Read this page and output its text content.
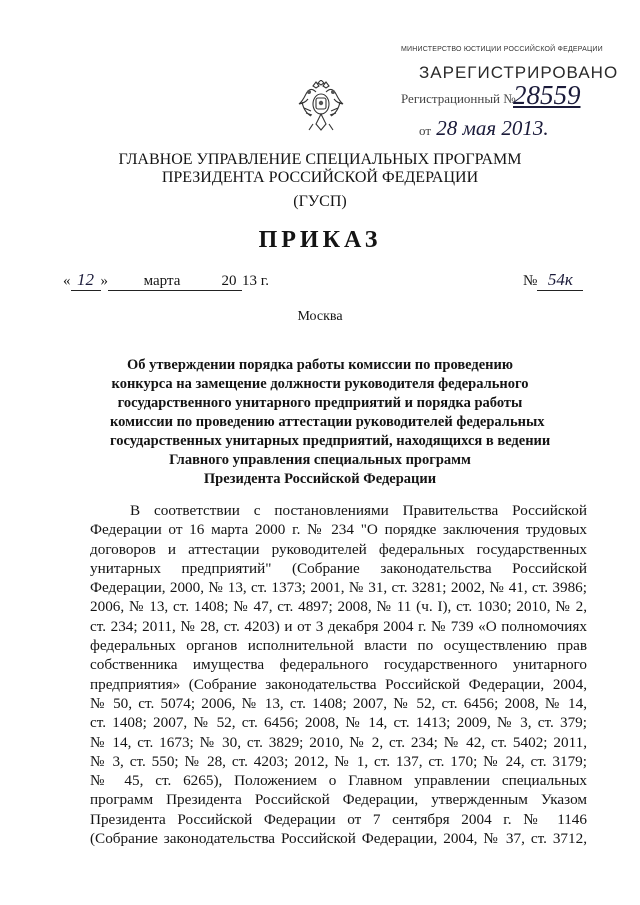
МИНИСТЕРСТВО ЮСТИЦИИ РОССИЙСКОЙ ФЕДЕРАЦИИ
ЗАРЕГИСТРИРОВАНО
Регистрационный №
28559
от 28 мая 2013.
ГЛАВНОЕ УПРАВЛЕНИЕ СПЕЦИАЛЬНЫХ ПРОГРАММ
ПРЕЗИДЕНТА РОССИЙСКОЙ ФЕДЕРАЦИИ
(ГУСП)
ПРИКАЗ
« 12 » марта	20 13 г.	№ 54к
Москва
Об утверждении порядка работы комиссии по проведению
конкурса на замещение должности руководителя федерального
государственного унитарного предприятий и порядка работы
комиссии по проведению аттестации руководителей федеральных
государственных унитарных предприятий, находящихся в ведении
Главного управления специальных программ
Президента Российской Федерации
В соответствии с постановлениями Правительства Российской
Федерации от 16 марта 2000 г. № 234 "О порядке заключения трудовых
договоров и аттестации руководителей федеральных государственных
унитарных предприятий" (Собрание законодательства Российской
Федерации, 2000, № 13, ст. 1373; 2001, № 31, ст. 3281; 2002, № 41, ст. 3986;
2006, № 13, ст. 1408; № 47, ст. 4897; 2008, № 11 (ч. I), ст. 1030; 2010, № 2,
ст. 234; 2011, № 28, ст. 4203) и от 3 декабря 2004 г. № 739 «О полномочиях
федеральных органов исполнительной власти по осуществлению прав
собственника имущества федерального государственного унитарного
предприятия» (Собрание законодательства Российской Федерации, 2004,
№ 50, ст. 5074; 2006, № 13, ст. 1408; 2007, № 52, ст. 6456; 2008, № 14,
ст. 1408; 2007, № 52, ст. 6456; 2008, № 14, ст. 1413; 2009, № 3, ст. 379;
№ 14, ст. 1673; № 30, ст. 3829; 2010, № 2, ст. 234; № 42, ст. 5402; 2011,
№ 3, ст. 550; № 28, ст. 4203; 2012, № 1, ст. 137, ст. 170; № 24, ст. 3179;
№ 45, ст. 6265), Положением о Главном управлении специальных
программ Президента Российской Федерации, утвержденным Указом
Президента Российской Федерации от 7 сентября 2004 г. № 1146
(Собрание законодательства Российской Федерации, 2004, № 37, ст. 3712,
